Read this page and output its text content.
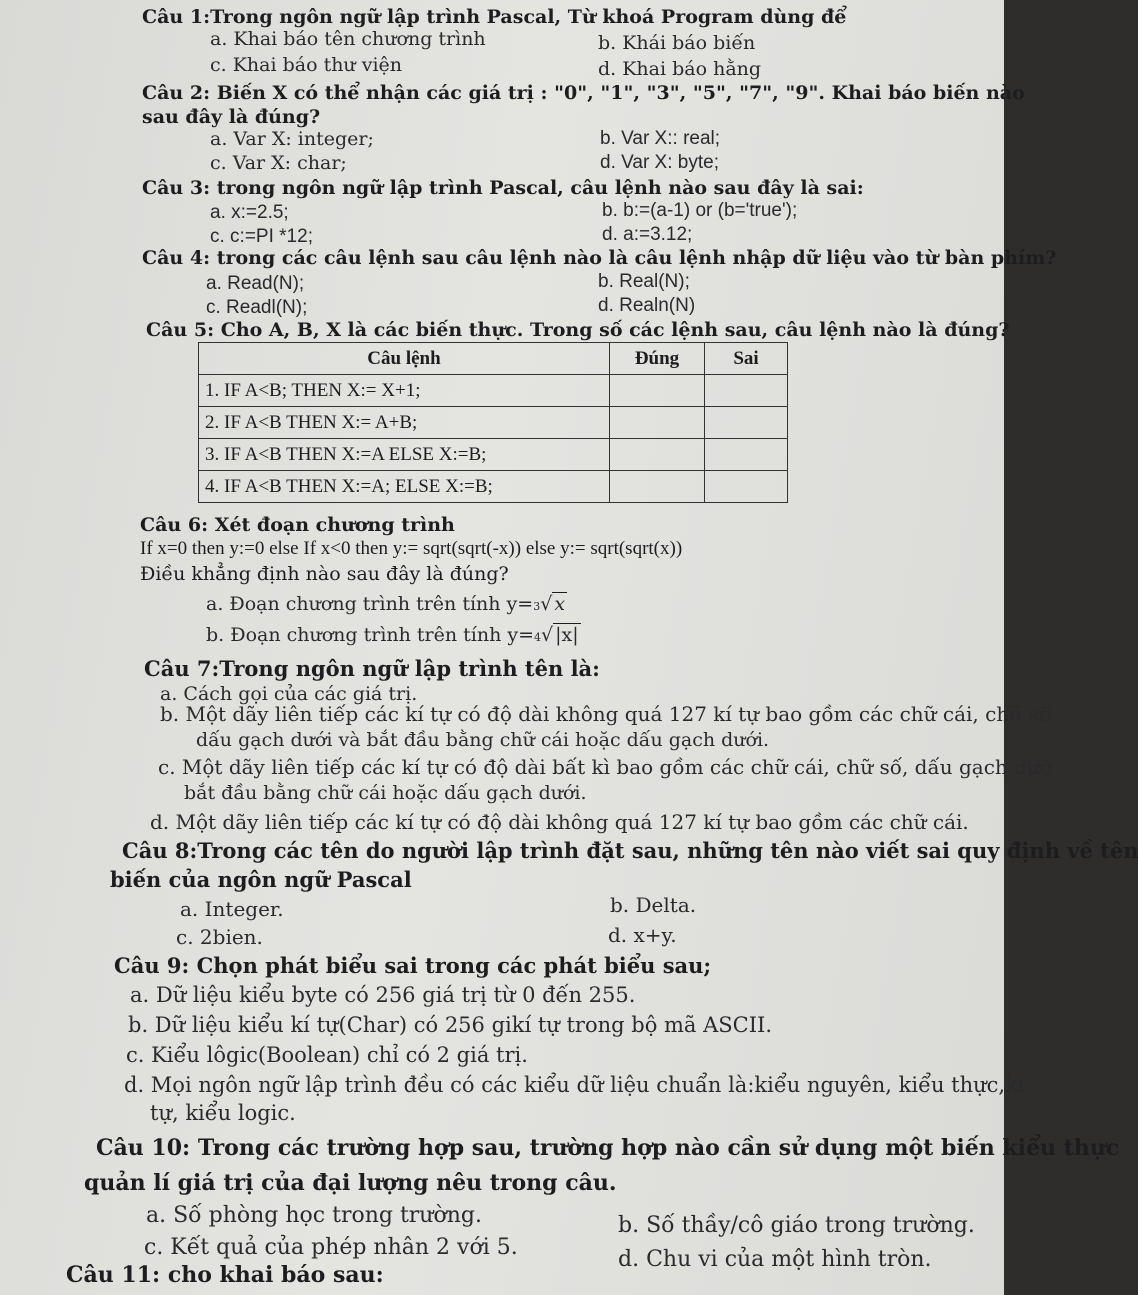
Câu 1:Trong ngôn ngữ lập trình Pascal, Từ khoá Program dùng để
a. Khai báo tên chương trình	b. Khái báo biến
c. Khai báo thư viện	d. Khai báo hằng
Câu 2: Biến X có thể nhận các giá trị : "0", "1", "3", "5", "7", "9". Khai báo biến nào
sau đây là đúng?
a. Var X: integer;	b. Var X:: real;
c. Var X: char;	d. Var X: byte;
Câu 3: trong ngôn ngữ lập trình Pascal, câu lệnh nào sau đây là sai:
a. x:=2.5;	b. b:=(a-1) or (b='true');
c. c:=PI *12;	d. a:=3.12;
Câu 4: trong các câu lệnh sau câu lệnh nào là câu lệnh nhập dữ liệu vào từ bàn phím?
a. Read(N);	b. Real(N);
c. Readl(N);	d. Realn(N)
Câu 5: Cho A, B, X là các biến thực. Trong số các lệnh sau, câu lệnh nào là đúng?
Câu lệnh	Đúng	Sai
1. IF A<B; THEN X:= X+1;		
2. IF A<B THEN X:= A+B;		
3. IF A<B THEN X:=A ELSE X:=B;		
4. IF A<B THEN X:=A; ELSE X:=B;		
Câu 6: Xét đoạn chương trình
If x=0 then y:=0 else If x<0 then y:= sqrt(sqrt(-x)) else y:= sqrt(sqrt(x))
Điều khẳng định nào sau đây là đúng?
a. Đoạn chương trình trên tính y=3√ x
b. Đoạn chương trình trên tính y=4√ |x|
Câu 7:Trong ngôn ngữ lập trình tên là:
a. Cách gọi của các giá trị.
b. Một dãy liên tiếp các kí tự có độ dài không quá 127 kí tự bao gồm các chữ cái, chữ số,
dấu gạch dưới và bắt đầu bằng chữ cái hoặc dấu gạch dưới.
c. Một dãy liên tiếp các kí tự có độ dài bất kì bao gồm các chữ cái, chữ số, dấu gạch dướ
bắt đầu bằng chữ cái hoặc dấu gạch dưới.
d. Một dãy liên tiếp các kí tự có độ dài không quá 127 kí tự bao gồm các chữ cái.
Câu 8:Trong các tên do người lập trình đặt sau, những tên nào viết sai quy định về tên
biến của ngôn ngữ Pascal
a. Integer.	b. Delta.
c. 2bien.	d. x+y.
Câu 9: Chọn phát biểu sai trong các phát biểu sau;
a. Dữ liệu kiểu byte có 256 giá trị từ 0 đến 255.
b. Dữ liệu kiểu kí tự(Char) có 256 gikí tự trong bộ mã ASCII.
c. Kiểu lôgic(Boolean) chỉ có 2 giá trị.
d. Mọi ngôn ngữ lập trình đều có các kiểu dữ liệu chuẩn là:kiểu nguyên, kiểu thực,ki
tự, kiểu logic.
Câu 10: Trong các trường hợp sau, trường hợp nào cần sử dụng một biến kiểu thực
quản lí giá trị của đại lượng nêu trong câu.
a. Số phòng học trong trường.	b. Số thầy/cô giáo trong trường.
c. Kết quả của phép nhân 2 với 5.	d. Chu vi của một hình tròn.
Câu 11: cho khai báo sau:
